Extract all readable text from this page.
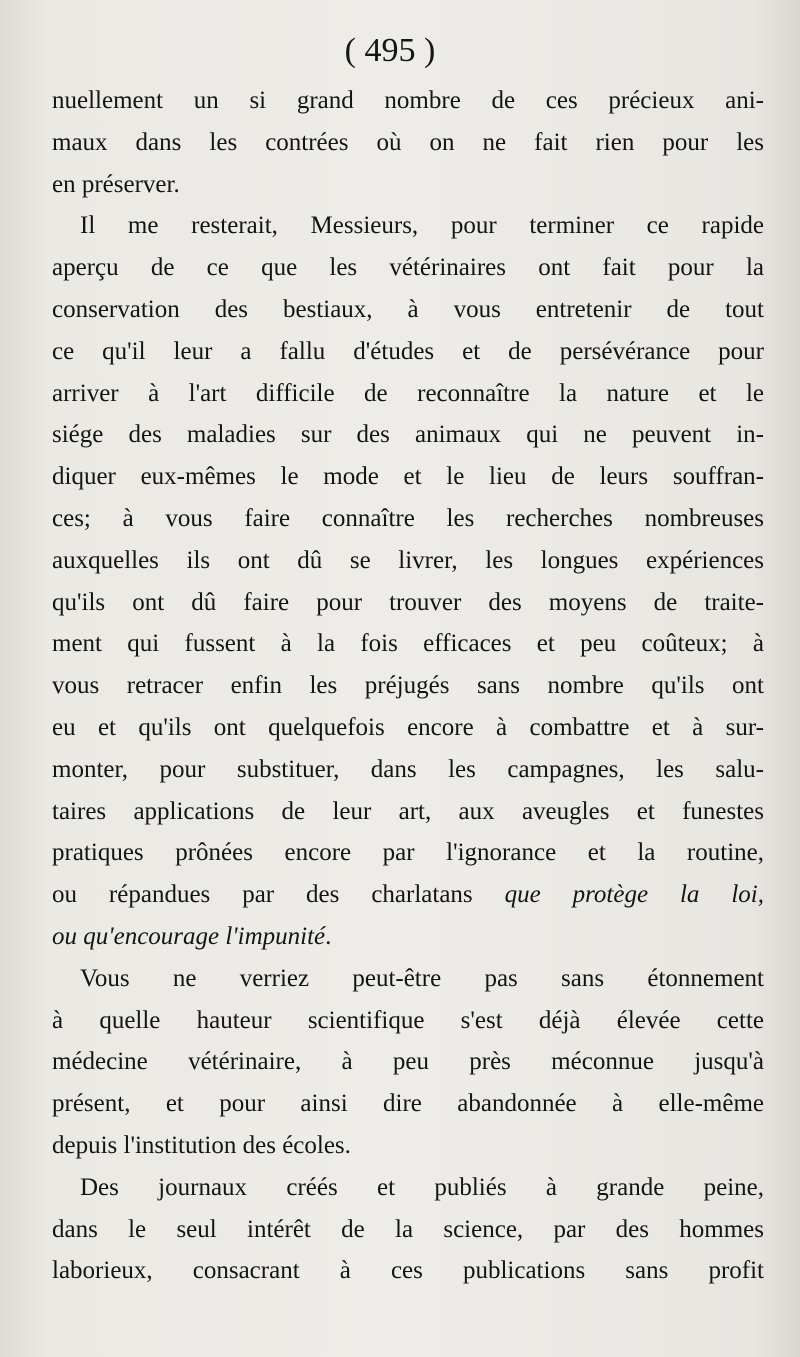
( 495 )
nuellement un si grand nombre de ces précieux ani-
maux dans les contrées où on ne fait rien pour les
en préserver.
Il me resterait, Messieurs, pour terminer ce rapide
aperçu de ce que les vétérinaires ont fait pour la
conservation des bestiaux, à vous entretenir de tout
ce qu'il leur a fallu d'études et de persévérance pour
arriver à l'art difficile de reconnaître la nature et le
siége des maladies sur des animaux qui ne peuvent in-
diquer eux-mêmes le mode et le lieu de leurs souffran-
ces; à vous faire connaître les recherches nombreuses
auxquelles ils ont dû se livrer, les longues expériences
qu'ils ont dû faire pour trouver des moyens de traite-
ment qui fussent à la fois efficaces et peu coûteux; à
vous retracer enfin les préjugés sans nombre qu'ils ont
eu et qu'ils ont quelquefois encore à combattre et à sur-
monter, pour substituer, dans les campagnes, les salu-
taires applications de leur art, aux aveugles et funestes
pratiques prônées encore par l'ignorance et la routine,
ou répandues par des charlatans que protège la loi,
ou qu'encourage l'impunité.
Vous ne verriez peut-être pas sans étonnement
à quelle hauteur scientifique s'est déjà élevée cette
médecine vétérinaire, à peu près méconnue jusqu'à
présent, et pour ainsi dire abandonnée à elle-même
depuis l'institution des écoles.
Des journaux créés et publiés à grande peine,
dans le seul intérêt de la science, par des hommes
laborieux, consacrant à ces publications sans profit
